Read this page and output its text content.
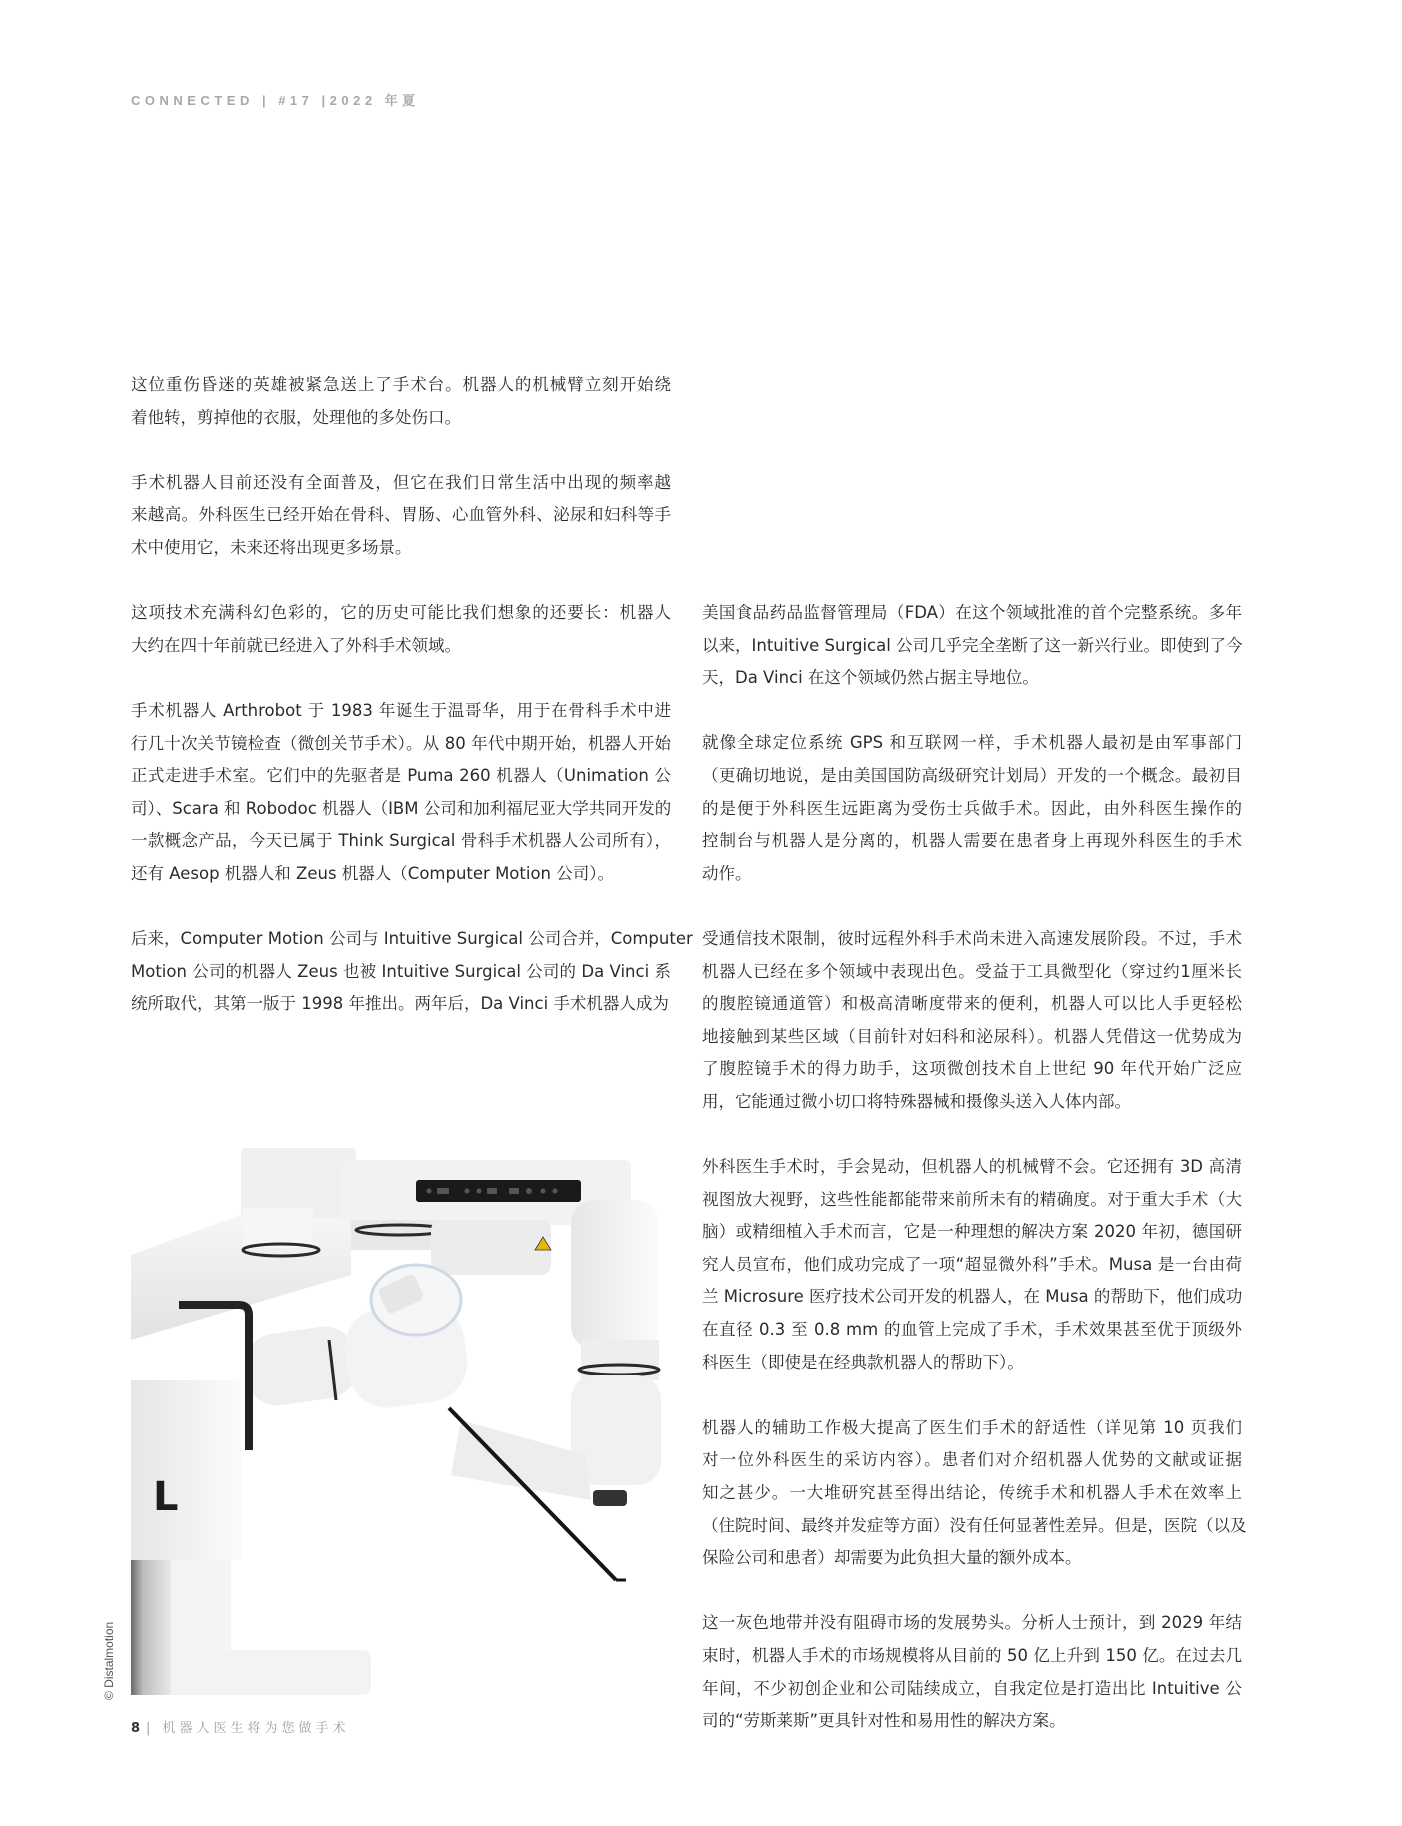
CONNECTED | #17 |2022 年夏

这位重伤昏迷的英雄被紧急送上了手术台。机器人的机械臂立刻开始绕
着他转，剪掉他的衣服，处理他的多处伤口。

手术机器人目前还没有全面普及，但它在我们日常生活中出现的频率越
来越高。外科医生已经开始在骨科、胃肠、心血管外科、泌尿和妇科等手
术中使用它，未来还将出现更多场景。

这项技术充满科幻色彩的，它的历史可能比我们想象的还要长：机器人
大约在四十年前就已经进入了外科手术领域。

手术机器人 Arthrobot 于 1983 年诞生于温哥华，用于在骨科手术中进
行几十次关节镜检查（微创关节手术）。从 80 年代中期开始，机器人开始
正式走进手术室。它们中的先驱者是 Puma 260 机器人（Unimation 公
司）、Scara 和 Robodoc 机器人（IBM 公司和加利福尼亚大学共同开发的
一款概念产品，今天已属于 Think Surgical 骨科手术机器人公司所有），
还有 Aesop 机器人和 Zeus 机器人（Computer Motion 公司）。

后来，Computer Motion 公司与 Intuitive Surgical 公司合并，Computer
Motion 公司的机器人 Zeus 也被 Intuitive Surgical 公司的 Da Vinci 系
统所取代，其第一版于 1998 年推出。两年后，Da Vinci 手术机器人成为

美国食品药品监督管理局（FDA）在这个领域批准的首个完整系统。多年
以来，Intuitive Surgical 公司几乎完全垄断了这一新兴行业。即使到了今
天，Da Vinci 在这个领域仍然占据主导地位。

就像全球定位系统 GPS 和互联网一样，手术机器人最初是由军事部门
（更确切地说，是由美国国防高级研究计划局）开发的一个概念。最初目
的是便于外科医生远距离为受伤士兵做手术。因此，由外科医生操作的
控制台与机器人是分离的，机器人需要在患者身上再现外科医生的手术
动作。

受通信技术限制，彼时远程外科手术尚未进入高速发展阶段。不过，手术
机器人已经在多个领域中表现出色。受益于工具微型化（穿过约1厘米长
的腹腔镜通道管）和极高清晰度带来的便利，机器人可以比人手更轻松
地接触到某些区域（目前针对妇科和泌尿科）。机器人凭借这一优势成为
了腹腔镜手术的得力助手，这项微创技术自上世纪 90 年代开始广泛应
用，它能通过微小切口将特殊器械和摄像头送入人体内部。

外科医生手术时，手会晃动，但机器人的机械臂不会。它还拥有 3D 高清
视图放大视野，这些性能都能带来前所未有的精确度。对于重大手术（大
脑）或精细植入手术而言，它是一种理想的解决方案 2020 年初，德国研
究人员宣布，他们成功完成了一项“超显微外科”手术。Musa 是一台由荷
兰 Microsure 医疗技术公司开发的机器人，在 Musa 的帮助下，他们成功
在直径 0.3 至 0.8 mm 的血管上完成了手术，手术效果甚至优于顶级外
科医生（即使是在经典款机器人的帮助下）。

机器人的辅助工作极大提高了医生们手术的舒适性（详见第 10 页我们
对一位外科医生的采访内容）。患者们对介绍机器人优势的文献或证据
知之甚少。一大堆研究甚至得出结论，传统手术和机器人手术在效率上
（住院时间、最终并发症等方面）没有任何显著性差异。但是，医院（以及
保险公司和患者）却需要为此负担大量的额外成本。

这一灰色地带并没有阻碍市场的发展势头。分析人士预计，到 2029 年结
束时，机器人手术的市场规模将从目前的 50 亿上升到 150 亿。在过去几
年间，不少初创企业和公司陆续成立，自我定位是打造出比 Intuitive 公
司的“劳斯莱斯”更具针对性和易用性的解决方案。

L
© Distalmotion
8 | 机器人医生将为您做手术
